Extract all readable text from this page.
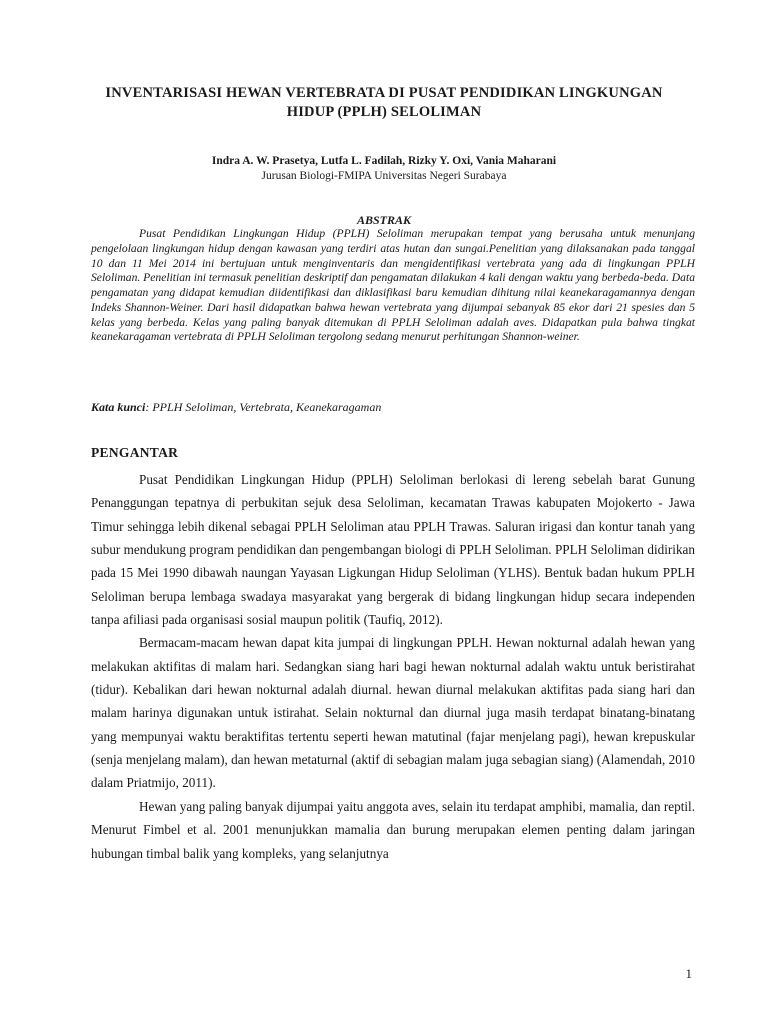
INVENTARISASI HEWAN VERTEBRATA DI PUSAT PENDIDIKAN LINGKUNGAN HIDUP (PPLH) SELOLIMAN
Indra A. W. Prasetya, Lutfa L. Fadilah, Rizky Y. Oxi, Vania Maharani
Jurusan Biologi-FMIPA Universitas Negeri Surabaya
ABSTRAK

Pusat Pendidikan Lingkungan Hidup (PPLH) Seloliman merupakan tempat yang berusaha untuk menunjang pengelolaan lingkungan hidup dengan kawasan yang terdiri atas hutan dan sungai.Penelitian yang dilaksanakan pada tanggal 10 dan 11 Mei 2014 ini bertujuan untuk menginventaris dan mengidentifikasi vertebrata yang ada di lingkungan PPLH Seloliman. Penelitian ini termasuk penelitian deskriptif dan pengamatan dilakukan 4 kali dengan waktu yang berbeda-beda. Data pengamatan yang didapat kemudian diidentifikasi dan diklasifikasi baru kemudian dihitung nilai keanekaragamannya dengan Indeks Shannon-Weiner. Dari hasil didapatkan bahwa hewan vertebrata yang dijumpai sebanyak 85 ekor dari 21 spesies dan 5 kelas yang berbeda. Kelas yang paling banyak ditemukan di PPLH Seloliman adalah aves. Didapatkan pula bahwa tingkat keanekaragaman vertebrata di PPLH Seloliman tergolong sedang menurut perhitungan Shannon-weiner.

Kata kunci: PPLH Seloliman, Vertebrata, Keanekaragaman

PENGANTAR

Pusat Pendidikan Lingkungan Hidup (PPLH) Seloliman berlokasi di lereng sebelah barat Gunung Penanggungan tepatnya di perbukitan sejuk desa Seloliman, kecamatan Trawas kabupaten Mojokerto - Jawa Timur sehingga lebih dikenal sebagai PPLH Seloliman atau PPLH Trawas. Saluran irigasi dan kontur tanah yang subur mendukung program pendidikan dan pengembangan biologi di PPLH Seloliman. PPLH Seloliman didirikan pada 15 Mei 1990 dibawah naungan Yayasan Ligkungan Hidup Seloliman (YLHS). Bentuk badan hukum PPLH Seloliman berupa lembaga swadaya masyarakat yang bergerak di bidang lingkungan hidup secara independen tanpa afiliasi pada organisasi sosial maupun politik (Taufiq, 2012).

Bermacam-macam hewan dapat kita jumpai di lingkungan PPLH. Hewan nokturnal adalah hewan yang melakukan aktifitas di malam hari. Sedangkan siang hari bagi hewan nokturnal adalah waktu untuk beristirahat (tidur). Kebalikan dari hewan nokturnal adalah diurnal. hewan diurnal melakukan aktifitas pada siang hari dan malam harinya digunakan untuk istirahat. Selain nokturnal dan diurnal juga masih terdapat binatang-binatang yang mempunyai waktu beraktifitas tertentu seperti hewan matutinal (fajar menjelang pagi), hewan krepuskular (senja menjelang malam), dan hewan metaturnal (aktif di sebagian malam juga sebagian siang) (Alamendah, 2010 dalam Priatmijo, 2011).

Hewan yang paling banyak dijumpai yaitu anggota aves, selain itu terdapat amphibi, mamalia, dan reptil. Menurut Fimbel et al. 2001 menunjukkan mamalia dan burung merupakan elemen penting dalam jaringan hubungan timbal balik yang kompleks, yang selanjutnya

1
